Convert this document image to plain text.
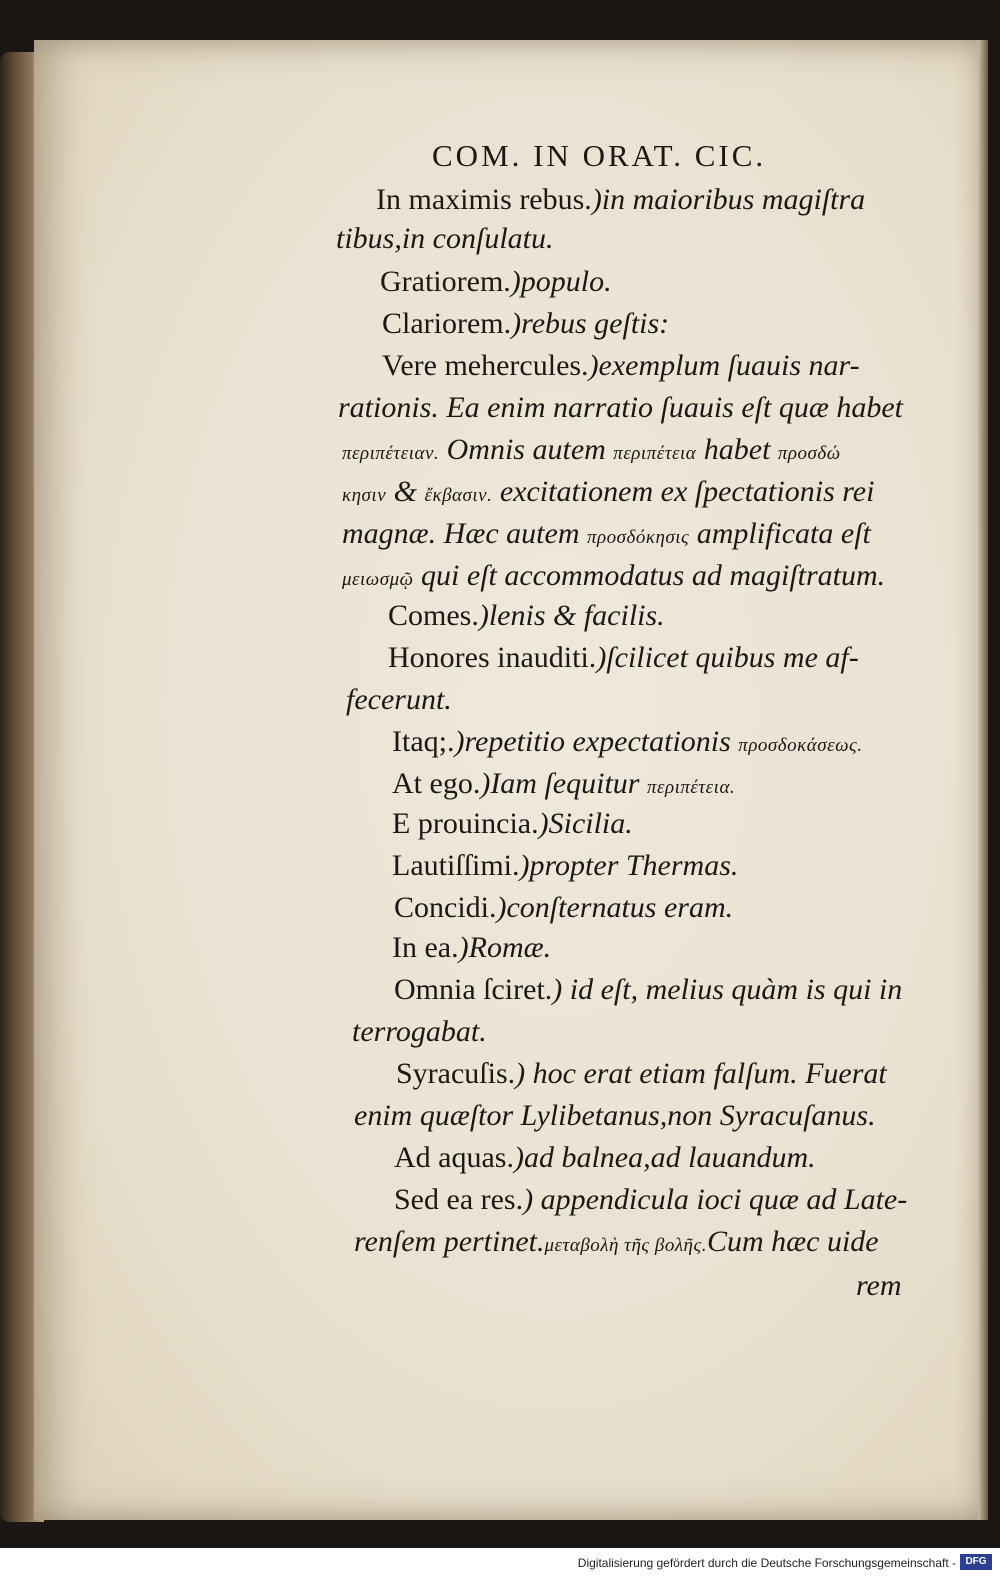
COM. IN ORAT. CIC.
In maximis rebus.)in maioribus magiſtra
tibus,in conſulatu.
Gratiorem.)populo.
Clariorem.)rebus geſtis:
Vere mehercules.)exemplum ſuauis nar-
rationis. Ea enim narratio ſuauis eſt quæ habet
περιπέτειαν. Omnis autem περιπέτεια habet προσδώ
κησιν & ἔκβασιν. excitationem ex ſpectationis rei
magnæ. Hæc autem προσδόκησις amplificata eſt
μειωσμῷ qui eſt accommodatus ad magiſtratum.
Comes.)lenis & facilis.
Honores inauditi.)ſcilicet quibus me af-
fecerunt.
Itaq;.)repetitio expectationis προσδοκάσεως.
At ego.)Iam ſequitur περιπέτεια.
E prouincia.)Sicilia.
Lautiſſimi.)propter Thermas.
Concidi.)conſternatus eram.
In ea.)Romæ.
Omnia ſciret.) id eſt, melius quàm is qui in
terrogabat.
Syracuſis.) hoc erat etiam falſum. Fuerat
enim quæſtor Lylibetanus,non Syracuſanus.
Ad aquas.)ad balnea,ad lauandum.
Sed ea res.) appendicula ioci quæ ad Late-
renſem pertinet.μεταβολὴ τῆς βολῆς.Cum hæc uide
rem
Digitalisierung gefördert durch die Deutsche Forschungsgemeinschaft - DFG
